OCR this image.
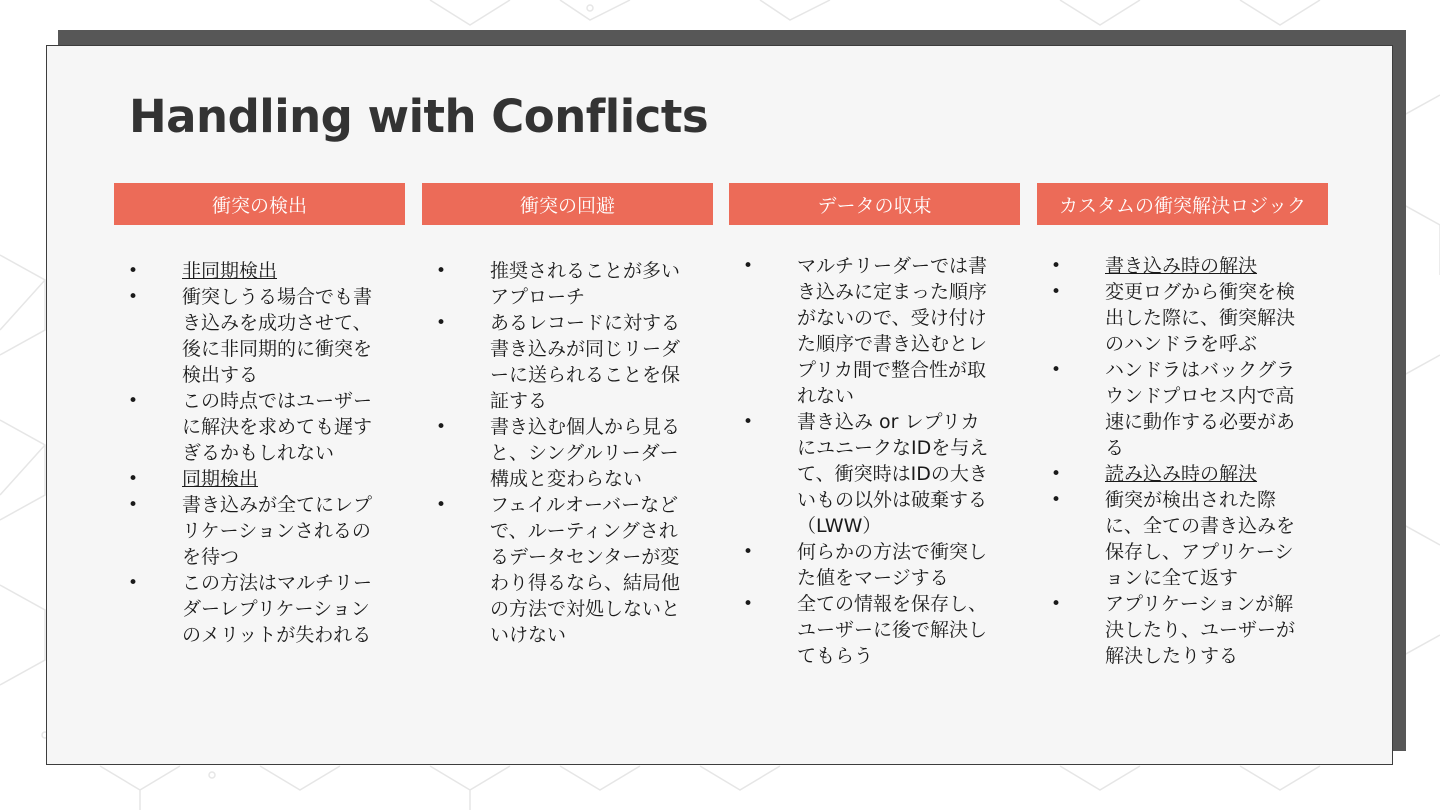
Handling with Conflicts
衝突の検出
• 非同期検出
• 衝突しうる場合でも書き込みを成功させて、後に非同期的に衝突を検出する
• この時点ではユーザーに解決を求めても遅すぎるかもしれない
• 同期検出
• 書き込みが全てにレプリケーションされるのを待つ
• この方法はマルチリーダーレプリケーションのメリットが失われる
衝突の回避
• 推奨されることが多いアプローチ
• あるレコードに対する書き込みが同じリーダーに送られることを保証する
• 書き込む個人から見ると、シングルリーダー構成と変わらない
• フェイルオーバーなどで、ルーティングされるデータセンターが変わり得るなら、結局他の方法で対処しないといけない
データの収束
• マルチリーダーでは書き込みに定まった順序がないので、受け付けた順序で書き込むとレプリカ間で整合性が取れない
• 書き込み or レプリカにユニークなIDを与えて、衝突時はIDの大きいもの以外は破棄する（LWW）
• 何らかの方法で衝突した値をマージする
• 全ての情報を保存し、ユーザーに後で解決してもらう
カスタムの衝突解決ロジック
• 書き込み時の解決
• 変更ログから衝突を検出した際に、衝突解決のハンドラを呼ぶ
• ハンドラはバックグラウンドプロセス内で高速に動作する必要がある
• 読み込み時の解決
• 衝突が検出された際に、全ての書き込みを保存し、アプリケーションに全て返す
• アプリケーションが解決したり、ユーザーが解決したりする
